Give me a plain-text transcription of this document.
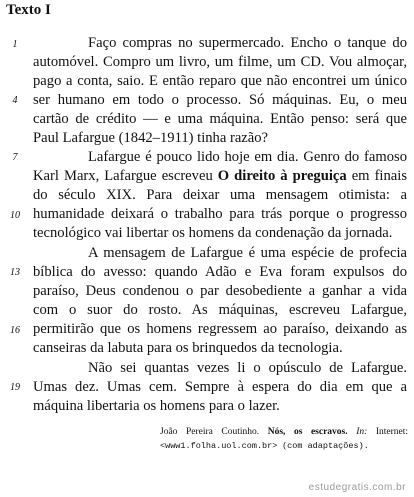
Texto I
1
4
7
10
13
16
19
Faço compras no supermercado. Encho o tanque do
automóvel. Compro um livro, um filme, um CD. Vou almoçar,
pago a conta, saio. E então reparo que não encontrei um único
ser humano em todo o processo. Só máquinas. Eu, o meu
cartão de crédito — e uma máquina. Então penso: será que
Paul Lafargue (1842–1911) tinha razão?
Lafargue é pouco lido hoje em dia. Genro do famoso
Karl Marx, Lafargue escreveu O direito à preguiça em finais
do século XIX. Para deixar uma mensagem otimista: a
humanidade deixará o trabalho para trás porque o progresso
tecnológico vai libertar os homens da condenação da jornada.
A mensagem de Lafargue é uma espécie de profecia
bíblica do avesso: quando Adão e Eva foram expulsos do
paraíso, Deus condenou o par desobediente a ganhar a vida
com o suor do rosto. As máquinas, escreveu Lafargue,
permitirão que os homens regressem ao paraíso, deixando as
canseiras da labuta para os brinquedos da tecnologia.
Não sei quantas vezes li o opúsculo de Lafargue.
Umas dez. Umas cem. Sempre à espera do dia em que a
máquina libertaria os homens para o lazer.
João Pereira Coutinho. Nós, os escravos. In: Internet:
<www1.folha.uol.com.br> (com adaptações).
estudegratis.com.br
